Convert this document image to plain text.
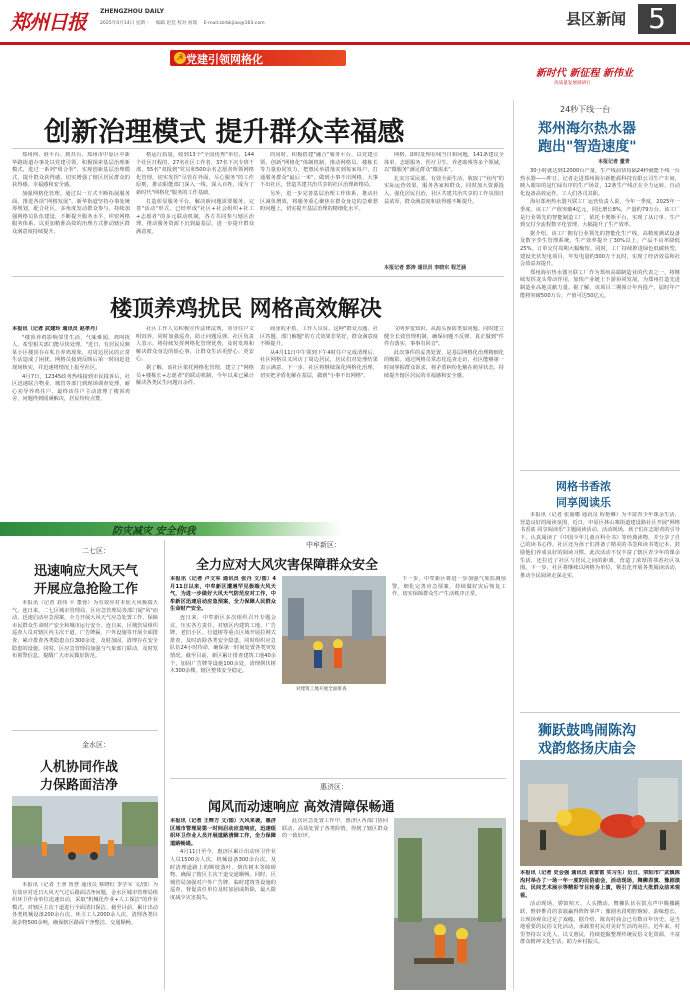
郑州日报 ZHENGZHOU DAILY
2025年4月14日 星期一 编辑 赵佳 校对 祝瑞 E-mail:zzrbkjiao@163.com	县区新闻 5
☭ 党建引领网格化
创新治理模式 提升群众幸福感

郑州网、谁平台、到苏台、郑州市中原区中新华路街道办事处以党建引领、积极探索基层治理新模式，进过一系列"组合拳"，实现创新基层治理模式，提升群众获得感，切实增强了辖区居民群众的获得感、幸福感和安全感。

加强网格化管理。通过以一方式不断拓展服务面，推进各项“网格发展”。新华街道坚持办事处统筹规划，配合社区，多角度发动群众参与，持续加强网格员队伍建设，不断提升服务水平，织密网格服务体系，以更加精准高效的治理方式推动辖区群众满意度持续提升。

格运行质量，收到13个"全国优秀"单位，144个社区日程的，27名社区工作者，37名下沉专班干部，55名"双报到"党员和500余名志愿者所领网格化管理，切实发挥"尽管在外面，尽心服务"的工作原则，推动职能部门深入一线、深入百姓，成为了新时代"网格化"服务的工作基础。

打造彰显服务平台。解决新问题需要服务，完善"活动"形式，已经形成"社区+社会组织+社工+志愿者"的多元联动机制，各方共同参与辖区治理，推动服务资源下沉到最基层，进一步提升群众满意度。

的同时，积极搭建"融合"服务平台，以党建引领、创新"网格化"体制机制，推动网格员、楼栋长等力量协同发力，把惠民举措落实到每家每户，打通服务群众"最后一米"，做到小事不出网格、大事不出社区，营造共建共治共享的社区治理新格局。

另外，进一步完善基层治理工作体系，推动社区减负增效，将服务重心聚焦在群众身边的急难愁盼问题上，切实提升基层治理的精细化水平。

网格、即时处理在线当日和问题，141条建议全体单，志愿服务、医疗卫生、养老助残等多个领域，以"微服务"满足群众"微需求"。

扎实宣采民部，有效全面生活，收取了"业内"的实际运营效果，服务各家和群众，同时加大资源投入，强化居民自治，社区共建共治共享的工作氛围日益浓厚，群众满意度和获得感不断提升。

本报记者 郭涛 通讯员 李晓东 程芝涵
楼顶养鸡扰民 网格高效解决

本报讯（记者 武建玲 通讯员 赵孝丹）

"楼顶养鸡影响邻里生活，气味难闻、鸡叫扰人，希望相关部门能尽快处理。"近日，有居民反映某小区楼顶存在私自养鸡现象，对周边居民的正常生活造成了困扰。网格员接到反映后第一时间赶赴现场核实，并迅速将情况上报至社区。

4月7日，12345政务热线接到市民投诉后，社区迅速联合物业、城管等部门到现场调查处理，耐心劝导养鸡住户，最终该住户主动清理了楼顶鸡舍，问题得到圆满解决，居民纷纷点赞。

社区工作人员积极宣传法律法规，劝导住户文明饲养，同时加强巡查，防止问题反弹。社区负责人表示，将持续发挥网格化管理优势，及时发现和解决群众身边的烦心事，让群众生活更舒心、更安心。

据了解，该社区依托网格化管理，建立了"网格员+楼栋长+志愿者"的联动机制，今年以来已累计解决各类民生问题百余件。

商身的矛盾，工作人员说，这种"群众点题、社区答题、部门解题"的方式效果非常好，群众满意度不断提升。

从4月11日中午领到下午4时住户完成清理后，社区网格员又回访了周边居民，居民们对处理结果表示满意。下一步，社区将继续深化网格化治理，切实把矛盾化解在基层，做到"小事不出网格"。

文明养宠知识，从源头预防类似问题。同时建立健全长效管理机制，确保问题不反弹，真正做到"件件有落实、事事有回音"。

此次事件的妥善处置，是基层网格化治理精细化的缩影。通过网格员常态化巡查走访，社区能够第一时间掌握群众诉求，将矛盾纠纷化解在萌芽状态，持续提升辖区居民的幸福感和安全感。

新时代 新征程 新伟业
高质量发展调研行
24秒下线一台
郑州海尔热水器
跑出"智造速度"
本报记者 董青

30小时就达到12000台产量，生产线前快每隔24秒就能下线一台热水器——昨日，记者走进郑州海尔新能源科技有限公司生产车间，映入眼帘的是忙碌有序的生产场景，12条生产线正在全力运转，自动化设备高效运作，工人们各司其职。

海尔郑州热水器互联工厂运营负责人说，今年一季度，2025年一季度，该工厂产值突破4亿元，同比增长8%，产量约79万台。该工厂是行业领先的智能制造工厂，依托卡奥斯平台，实现了从订单、生产到交付全流程数字化管理，大幅提升了生产效率。

据介绍，该工厂拥有行业领先的智能化生产线、高精度测试设备及数字孪生管理系统，生产效率提升了30%以上，产品不良率降低25%，订单交付周期大幅缩短。同时，工厂持续推进绿色低碳转型，建设光伏发电项目，年发电量约300万千瓦时，实现了经济效益和社会效益双提升。

郑州海尔热水器互联工厂作为郑州高端制造业的代表之一，将继续发挥龙头带动作用，加快产业链上下游协同发展，为郑州打造先进制造业高地贡献力量。据了解，该项目二期预计年内投产，届时年产能将突破500万台，产值可达50亿元。

网格书香浓
同享阅读乐

本报讯（记者 张丽娜 通讯员 程艳琳）为丰富青少年课余生活，营造良好的阅读氛围，近日，中原区林山寨街道建设路社区开展"网格书香浓 同享阅读乐"主题阅读活动。活动现场，孩子们在志愿者的引导下，认真阅读了《中国少年儿童百科全书》等经典读物，并分享了自己的读书心得。社区还为孩子们准备了精美的书签和读书笔记本，鼓励他们养成良好的阅读习惯。此次活动不仅丰富了辖区青少年的课余生活，还拉近了社区与居民之间的距离，营造了浓厚的书香社区氛围。下一步，社区将继续以网格为单位，常态化开展各类阅读活动，推动全民阅读走深走实。

狮跃鼓鸣闹陈沟
戏韵悠扬庆庙会

本报讯（记者 史会强 通讯员 袁雷雷 实习生）近日，荥阳市广武镇陈沟村举办了一场一年一度的民俗庙会，活动现场，舞狮表演、豫剧演出、民间艺术展示等精彩节目轮番上演，吸引了周边大批群众前来观看。

活动现场，锣鼓喧天、人头攒动，舞狮队伍在鼓点声中腾挪跳跃，惟妙惟肖的表演赢得阵阵掌声；豫剧名段唱腔婉转、韵味悠长，让现场观众过足了戏瘾。据介绍，陈沟村庙会已有数百年历史，是当地重要的民俗文化活动，承载着村民对美好生活的向往。近年来，村里坚持以文化人、以文惠民，持续挖掘整理传统民俗文化资源，丰富群众精神文化生活，助力乡村振兴。

防灾减灾 安全你我
二七区：
迅速响应大风天气
开展应急抢险工作

本报讯（记者 刘伟 平 董蓉）为有效应对本轮大风极端天气，连日来，二七区城市管理局、区应急管理局等部门闻"风"而动，迅速启动应急预案，全力开展大风天气应急处置工作，保障市民群众生命财产安全和城市运行安全。连日来，区城管局组织巡查人员对辖区内主次干道、广告牌匾、户外设施等开展全面排查，累计排查各类隐患点位300余处，及时加固、清理存在安全隐患的设施。同时，区应急管理局加强与气象部门联动，及时发布预警信息，提醒广大市民做好防范。

金水区：
人机协同作战
力保路面洁净

本报讯（记者 王翠 鲁慧 通讯员 蔡晓红 李学军 文/图）为有效应对近日大风天气过后路面洁净问题，金水区城市管理局组织环卫作业单位迅速出动，采取"机械化作业+人工保洁"的作业模式，对辖区主次干道进行全面清扫保洁。截至目前，累计出动各类机械设备200余台次、环卫工人2000余人次，清理各类垃圾杂物500余吨，确保辖区路面干净整洁、交通顺畅。

中牟新区：
全力应对大风灾害保障群众安全

本报讯（记者 卢文军 通讯员 张丹 文/图）4月11日以来，中牟新区遭遇罕见极端大风天气，为进一步做好大风天气防范应对工作，中牟新区迅速启动应急预案，全力保障人民群众生命财产安全。

连日来，中牟新区多次组织召开专题会议，压实各方责任，对辖区内建筑工地、广告牌、老旧小区、行道树等重点区域开展拉网式排查，及时消除各类安全隐患。同时组织应急队伍24小时待命，确保第一时间处置各类突发情况。截至目前，新区累计排查建筑工地40余个，加固广告牌等设施100余处，清理倒伏树木300余棵，辖区整体安全稳定。

对建筑工地开展全面排查

下一步，中牟新区将进一步加强气象监测预警，细化完善应急预案，持续做好灾后恢复工作，切实保障群众生产生活秩序正常。

惠济区：
闻风而动速响应 高效清障保畅通

本报讯（记者 王辉方 文/图）大风来袭，惠济区城市管理局第一时间启动应急响应，迅速组织环卫作业人员开展道路清障工作，全力保障道路畅通。

4月11日至今，惠济区累计出动环卫作业人员1500余人次，机械设备300余台次，及时清理道路上的断枝落叶、倒伏树木等障碍物，确保了辖区主次干道交通顺畅。同时，区城管局加强对户外广告牌、临时建筑等设施的巡查，督促责任单位及时加固或拆除，最大限度减少灾害损失。

此次应急处置工作中，惠济区各部门协同联动，高效处置了各类险情，得到了辖区群众的一致好评。
